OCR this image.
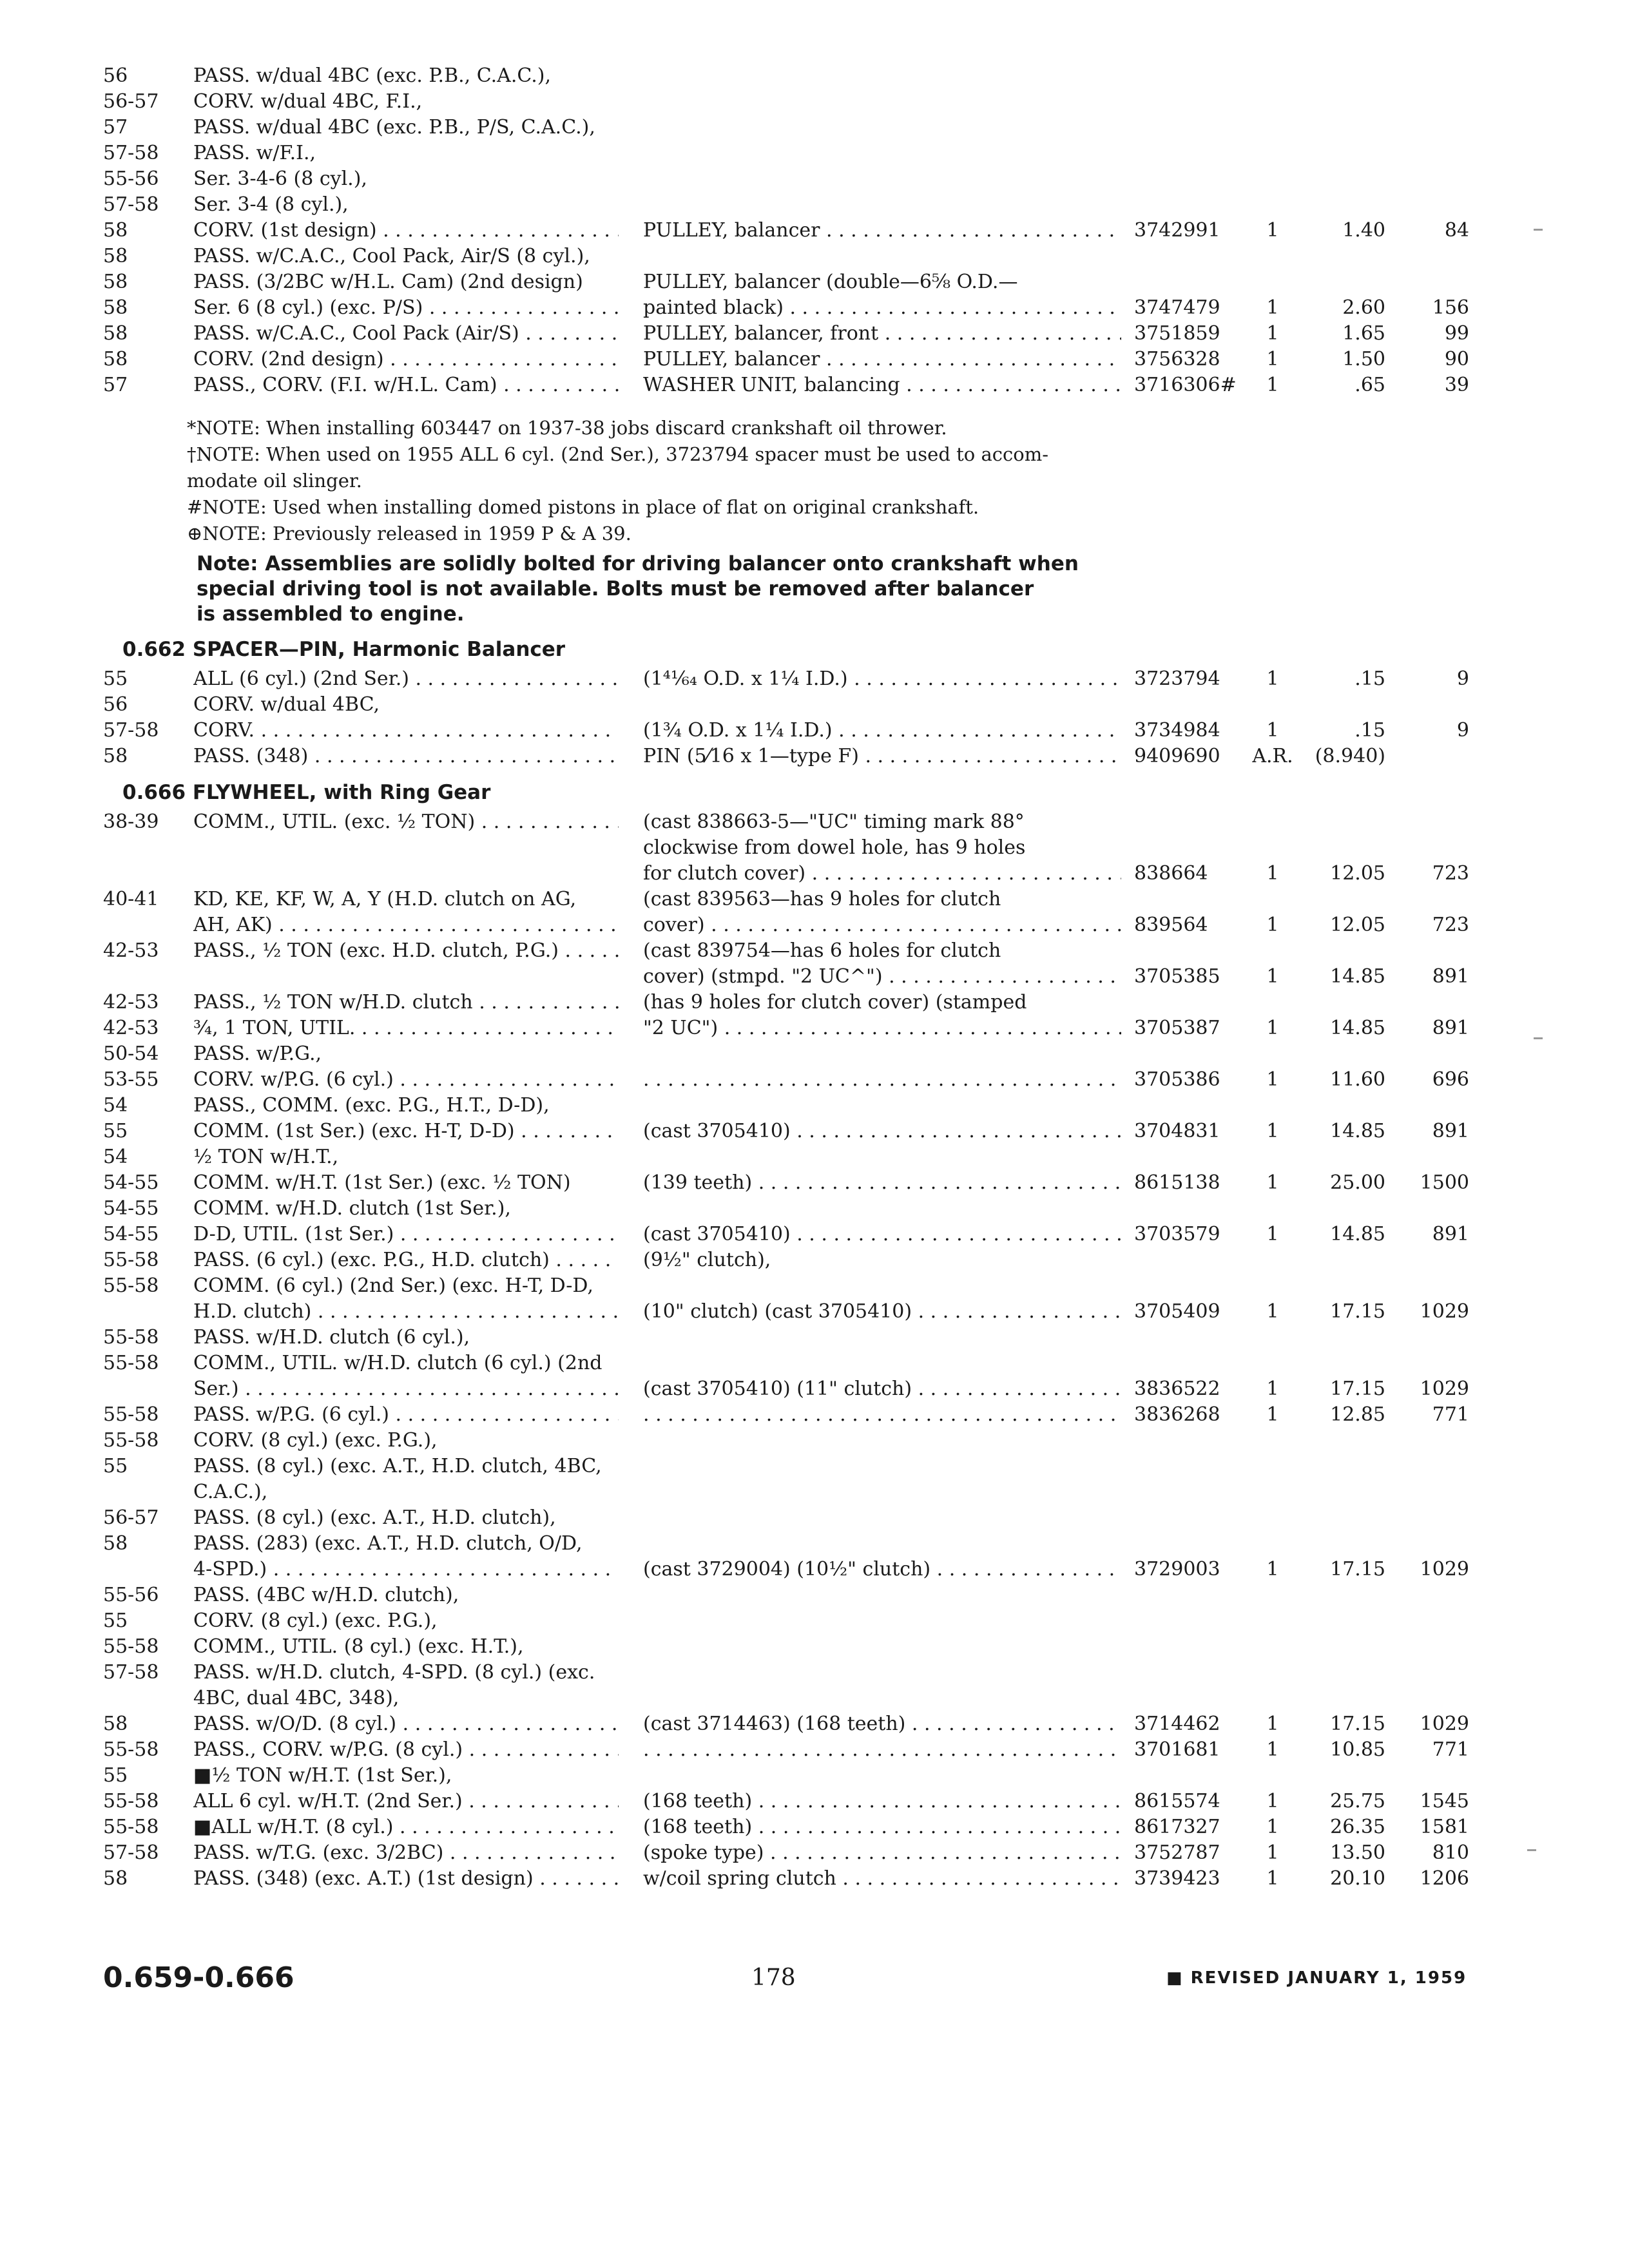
56	PASS. w/dual 4BC (exc. P.B., C.A.C.),
56-57	CORV. w/dual 4BC, F.I.,
57	PASS. w/dual 4BC (exc. P.B., P/S, C.A.C.),
57-58	PASS. w/F.I.,
55-56	Ser. 3-4-6 (8 cyl.),
57-58	Ser. 3-4 (8 cyl.),
58	CORV. (1st design) . . .	PULLEY, balancer . . .	3742991	1	1.40	84
58	PASS. w/C.A.C., Cool Pack, Air/S (8 cyl.),
58	PASS. (3/2BC w/H.L. Cam) (2nd design)	PULLEY, balancer (double—6⅝ O.D.—
58	Ser. 6 (8 cyl.) (exc. P/S) . . .	painted black) . . .	3747479	1	2.60	156
58	PASS. w/C.A.C., Cool Pack (Air/S) . . .	PULLEY, balancer, front . . .	3751859	1	1.65	99
58	CORV. (2nd design) . . .	PULLEY, balancer . . .	3756328	1	1.50	90
57	PASS., CORV. (F.I. w/H.L. Cam) . . .	WASHER UNIT, balancing . . .	3716306#	1	.65	39
*NOTE: When installing 603447 on 1937-38 jobs discard crankshaft oil thrower.
†NOTE: When used on 1955 ALL 6 cyl. (2nd Ser.), 3723794 spacer must be used to accom-
modate oil slinger.
#NOTE: Used when installing domed pistons in place of flat on original crankshaft.
⊕NOTE: Previously released in 1959 P & A 39.
Note: Assemblies are solidly bolted for driving balancer onto crankshaft when
special driving tool is not available. Bolts must be removed after balancer
is assembled to engine.
0.662 SPACER—PIN, Harmonic Balancer
55	ALL (6 cyl.) (2nd Ser.) . . .	(1⁴¹⁄₆₄ O.D. x 1¼ I.D.) . . .	3723794	1	.15	9
56	CORV. w/dual 4BC,
57-58	CORV. . . .	(1¾ O.D. x 1¼ I.D.) . . .	3734984	1	.15	9
58	PASS. (348) . . .	PIN (5⁄16 x 1—type F) . . .	9409690	A.R.	(8.940)
0.666 FLYWHEEL, with Ring Gear
38-39	COMM., UTIL. (exc. ½ TON) . . .	(cast 838663-5—"UC" timing mark 88°
clockwise from dowel hole, has 9 holes
for clutch cover) . . .	838664	1	12.05	723
40-41	KD, KE, KF, W, A, Y (H.D. clutch on AG,	(cast 839563—has 9 holes for clutch
AH, AK) . . .	cover) . . .	839564	1	12.05	723
42-53	PASS., ½ TON (exc. H.D. clutch, P.G.) . . .	(cast 839754—has 6 holes for clutch
cover) (stmpd. "2 UC^") . . .	3705385	1	14.85	891
42-53	PASS., ½ TON w/H.D. clutch . . .	(has 9 holes for clutch cover) (stamped
42-53	¾, 1 TON, UTIL. . . .	"2 UC") . . .	3705387	1	14.85	891
50-54	PASS. w/P.G.,
53-55	CORV. w/P.G. (6 cyl.) . . . . . .	3705386	1	11.60	696
54	PASS., COMM. (exc. P.G., H.T., D-D),
55	COMM. (1st Ser.) (exc. H-T, D-D) . . .	(cast 3705410) . . .	3704831	1	14.85	891
54	½ TON w/H.T.,
54-55	COMM. w/H.T. (1st Ser.) (exc. ½ TON)	(139 teeth) . . .	8615138	1	25.00	1500
54-55	COMM. w/H.D. clutch (1st Ser.),
54-55	D-D, UTIL. (1st Ser.) . . .	(cast 3705410) . . .	3703579	1	14.85	891
55-58	PASS. (6 cyl.) (exc. P.G., H.D. clutch) . . .	(9½" clutch),
55-58	COMM. (6 cyl.) (2nd Ser.) (exc. H-T, D-D,
H.D. clutch) . . .	(10" clutch) (cast 3705410) . . .	3705409	1	17.15	1029
55-58	PASS. w/H.D. clutch (6 cyl.),
55-58	COMM., UTIL. w/H.D. clutch (6 cyl.) (2nd
Ser.) . . .	(cast 3705410) (11" clutch) . . .	3836522	1	17.15	1029
55-58	PASS. w/P.G. (6 cyl.) . . . . . .	3836268	1	12.85	771
55-58	CORV. (8 cyl.) (exc. P.G.),
55	PASS. (8 cyl.) (exc. A.T., H.D. clutch, 4BC,
C.A.C.),
56-57	PASS. (8 cyl.) (exc. A.T., H.D. clutch),
58	PASS. (283) (exc. A.T., H.D. clutch, O/D,
4-SPD.) . . .	(cast 3729004) (10½" clutch) . . .	3729003	1	17.15	1029
55-56	PASS. (4BC w/H.D. clutch),
55	CORV. (8 cyl.) (exc. P.G.),
55-58	COMM., UTIL. (8 cyl.) (exc. H.T.),
57-58	PASS. w/H.D. clutch, 4-SPD. (8 cyl.) (exc.
4BC, dual 4BC, 348),
58	PASS. w/O/D. (8 cyl.) . . .	(cast 3714463) (168 teeth) . . .	3714462	1	17.15	1029
55-58	PASS., CORV. w/P.G. (8 cyl.) . . . . . .	3701681	1	10.85	771
55	■½ TON w/H.T. (1st Ser.),
55-58	ALL 6 cyl. w/H.T. (2nd Ser.) . . .	(168 teeth) . . .	8615574	1	25.75	1545
55-58	■ALL w/H.T. (8 cyl.) . . .	(168 teeth) . . .	8617327	1	26.35	1581
57-58	PASS. w/T.G. (exc. 3/2BC) . . .	(spoke type) . . .	3752787	1	13.50	810
58	PASS. (348) (exc. A.T.) (1st design) . . .	w/coil spring clutch . . .	3739423	1	20.10	1206
0.659-0.666	178	■ REVISED JANUARY 1, 1959
